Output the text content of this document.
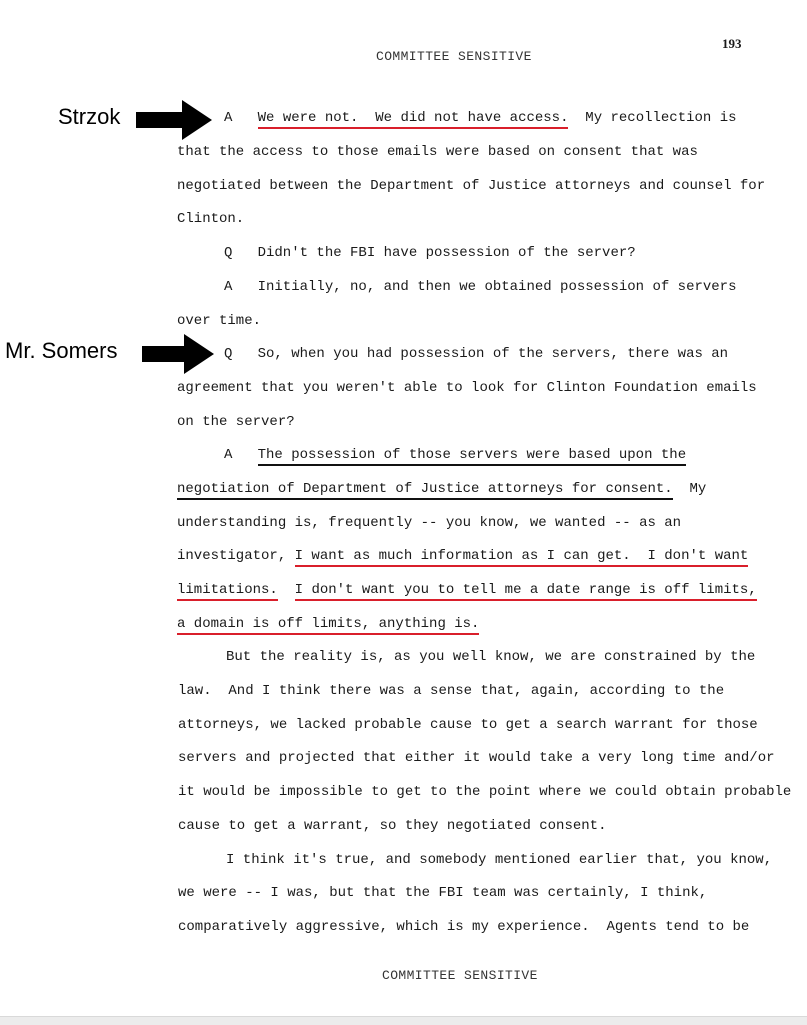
193
COMMITTEE SENSITIVE
Strzok
Mr. Somers
A We were not.  We did not have access.  My recollection is
that the access to those emails were based on consent that was
negotiated between the Department of Justice attorneys and counsel for
Clinton.
Q   Didn't the FBI have possession of the server?
A   Initially, no, and then we obtained possession of servers
over time.
Q   So, when you had possession of the servers, there was an
agreement that you weren't able to look for Clinton Foundation emails
on the server?
A The possession of those servers were based upon the
negotiation of Department of Justice attorneys for consent.  My
understanding is, frequently -- you know, we wanted -- as an
investigator, I want as much information as I can get.  I don't want
limitations. I don't want you to tell me a date range is off limits,
a domain is off limits, anything is.
But the reality is, as you well know, we are constrained by the
law.  And I think there was a sense that, again, according to the
attorneys, we lacked probable cause to get a search warrant for those
servers and projected that either it would take a very long time and/or
it would be impossible to get to the point where we could obtain probable
cause to get a warrant, so they negotiated consent.
I think it's true, and somebody mentioned earlier that, you know,
we were -- I was, but that the FBI team was certainly, I think,
comparatively aggressive, which is my experience.  Agents tend to be
COMMITTEE SENSITIVE
